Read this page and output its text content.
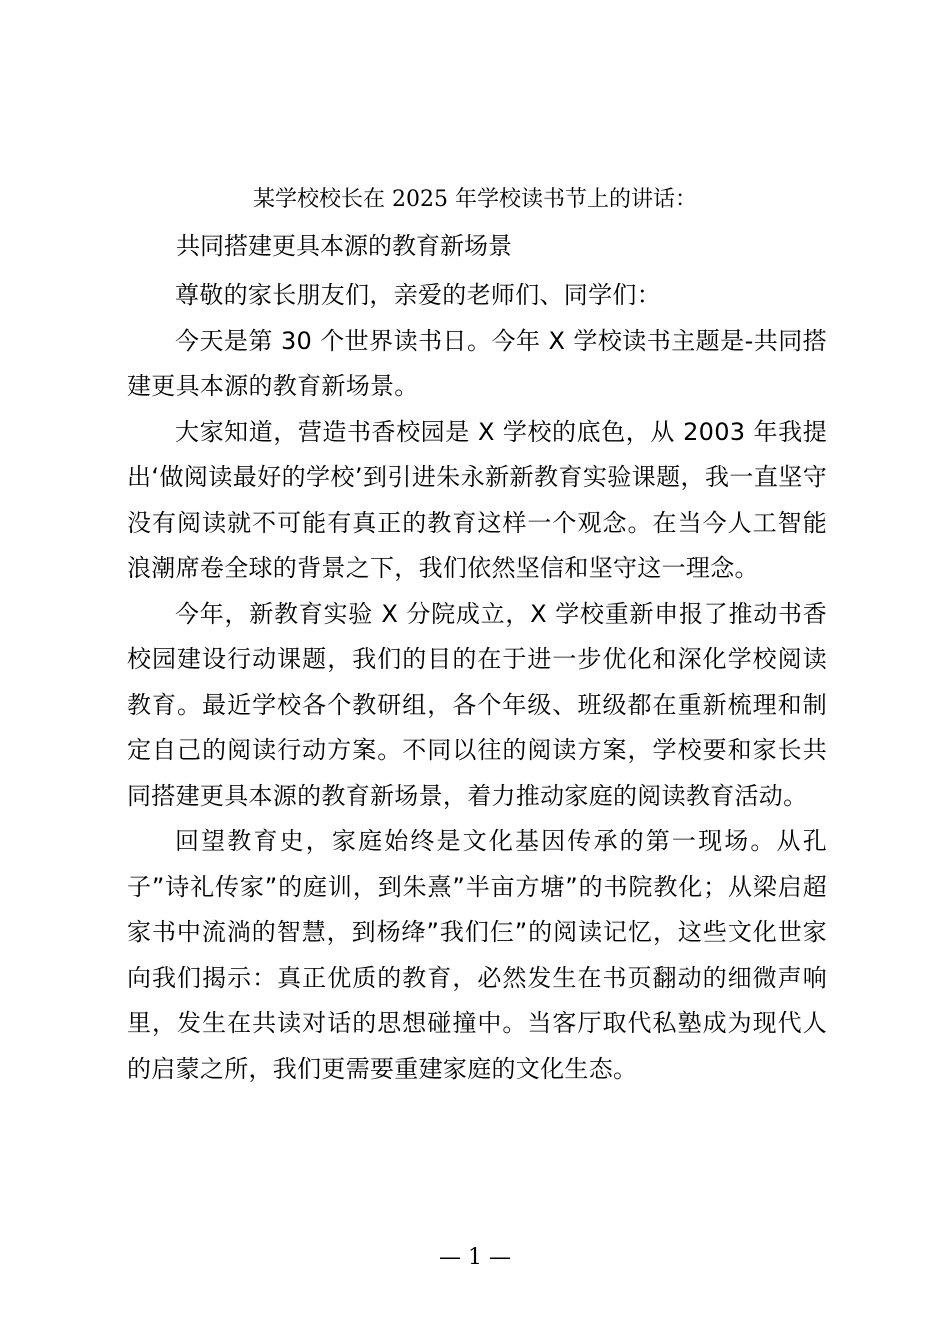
某学校校长在 2025 年学校读书节上的讲话：
共同搭建更具本源的教育新场景

尊敬的家长朋友们，亲爱的老师们、同学们：

今天是第 30 个世界读书日。今年 X 学校读书主题是-共同搭建更具本源的教育新场景。

大家知道，营造书香校园是 X 学校的底色，从 2003 年我提出‘做阅读最好的学校’到引进朱永新新教育实验课题，我一直坚守没有阅读就不可能有真正的教育这样一个观念。在当今人工智能浪潮席卷全球的背景之下，我们依然坚信和坚守这一理念。

今年，新教育实验 X 分院成立，X 学校重新申报了推动书香校园建设行动课题，我们的目的在于进一步优化和深化学校阅读教育。最近学校各个教研组，各个年级、班级都在重新梳理和制定自己的阅读行动方案。不同以往的阅读方案，学校要和家长共同搭建更具本源的教育新场景，着力推动家庭的阅读教育活动。

回望教育史，家庭始终是文化基因传承的第一现场。从孔子”诗礼传家”的庭训，到朱熹”半亩方塘”的书院教化；从梁启超家书中流淌的智慧，到杨绛”我们仨”的阅读记忆，这些文化世家向我们揭示：真正优质的教育，必然发生在书页翻动的细微声响里，发生在共读对话的思想碰撞中。当客厅取代私塾成为现代人的启蒙之所，我们更需要重建家庭的文化生态。

— 1 —
